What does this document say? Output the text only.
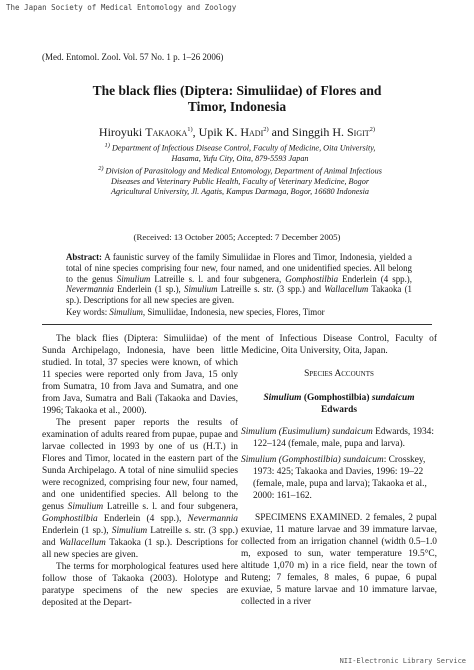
The Japan Society of Medical Entomology and Zoology
(Med. Entomol. Zool. Vol. 57 No. 1 p. 1–26 2006)
The black flies (Diptera: Simuliidae) of Flores and
Timor, Indonesia
Hiroyuki Takaoka$^{1)}$, Upik K. Hadi$^{2)}$ and Singgih H. Sigit$^{2)}$
$^{1)}$ Department of Infectious Disease Control, Faculty of Medicine, Oita University,
Hasama, Yufu City, Oita, 879-5593 Japan
$^{2)}$ Division of Parasitology and Medical Entomology, Department of Animal Infectious
Diseases and Veterinary Public Health, Faculty of Veterinary Medicine, Bogor
Agricultural University, Jl. Agatis, Kampus Darmaga, Bogor, 16680 Indonesia
(Received: 13 October 2005; Accepted: 7 December 2005)
Abstract: A faunistic survey of the family Simuliidae in Flores and Timor, Indonesia, yielded a total of nine species comprising four new, four named, and one unidentified species. All belong to the genus Simulium Latreille s. l. and four subgenera, Gomphostilbia Enderlein (4 spp.), Nevermannia Enderlein (1 sp.), Simulium Latreille s. str. (3 spp.) and Wallacellum Takaoka (1 sp.). Descriptions for all new species are given.
Key words: Simulium, Simuliidae, Indonesia, new species, Flores, Timor

The black flies (Diptera: Simuliidae) of the Sunda Archipelago, Indonesia, have been little studied. In total, 37 species were known, of which 11 species were reported only from Java, 15 only from Sumatra, 10 from Java and Sumatra, and one from Java, Sumatra and Bali (Takaoka and Davies, 1996; Takaoka et al., 2000).

The present paper reports the results of examination of adults reared from pupae, pupae and larvae collected in 1993 by one of us (H.T.) in Flores and Timor, located in the eastern part of the Sunda Archipelago. A total of nine simuliid species were recognized, comprising four new, four named, and one unidentified species. All belong to the genus Simulium Latreille s. l. and four subgenera, Gomphostilbia Enderlein (4 spp.), Nevermannia Enderlein (1 sp.), Simulium Latreille s. str. (3 spp.) and Wallacellum Takaoka (1 sp.). Descriptions for all new species are given.

The terms for morphological features used here follow those of Takaoka (2003). Holotype and paratype specimens of the new species are deposited at the Depart-

ment of Infectious Disease Control, Faculty of Medicine, Oita University, Oita, Japan.

Species Accounts
Simulium (Gomphostilbia) sundaicum
Edwards

Simulium (Eusimulium) sundaicum Edwards, 1934: 122–124 (female, male, pupa and larva).

Simulium (Gomphostilbia) sundaicum: Crosskey, 1973: 425; Takaoka and Davies, 1996: 19–22 (female, male, pupa and larva); Takaoka et al., 2000: 161–162.

SPECIMENS EXAMINED. 2 females, 2 pupal exuviae, 11 mature larvae and 39 immature larvae, collected from an irrigation channel (width 0.5–1.0 m, exposed to sun, water temperature 19.5°C, altitude 1,070 m) in a rice field, near the town of Ruteng; 7 females, 8 males, 6 pupae, 6 pupal exuviae, 5 mature larvae and 10 immature larvae, collected in a river

NII-Electronic Library Service
